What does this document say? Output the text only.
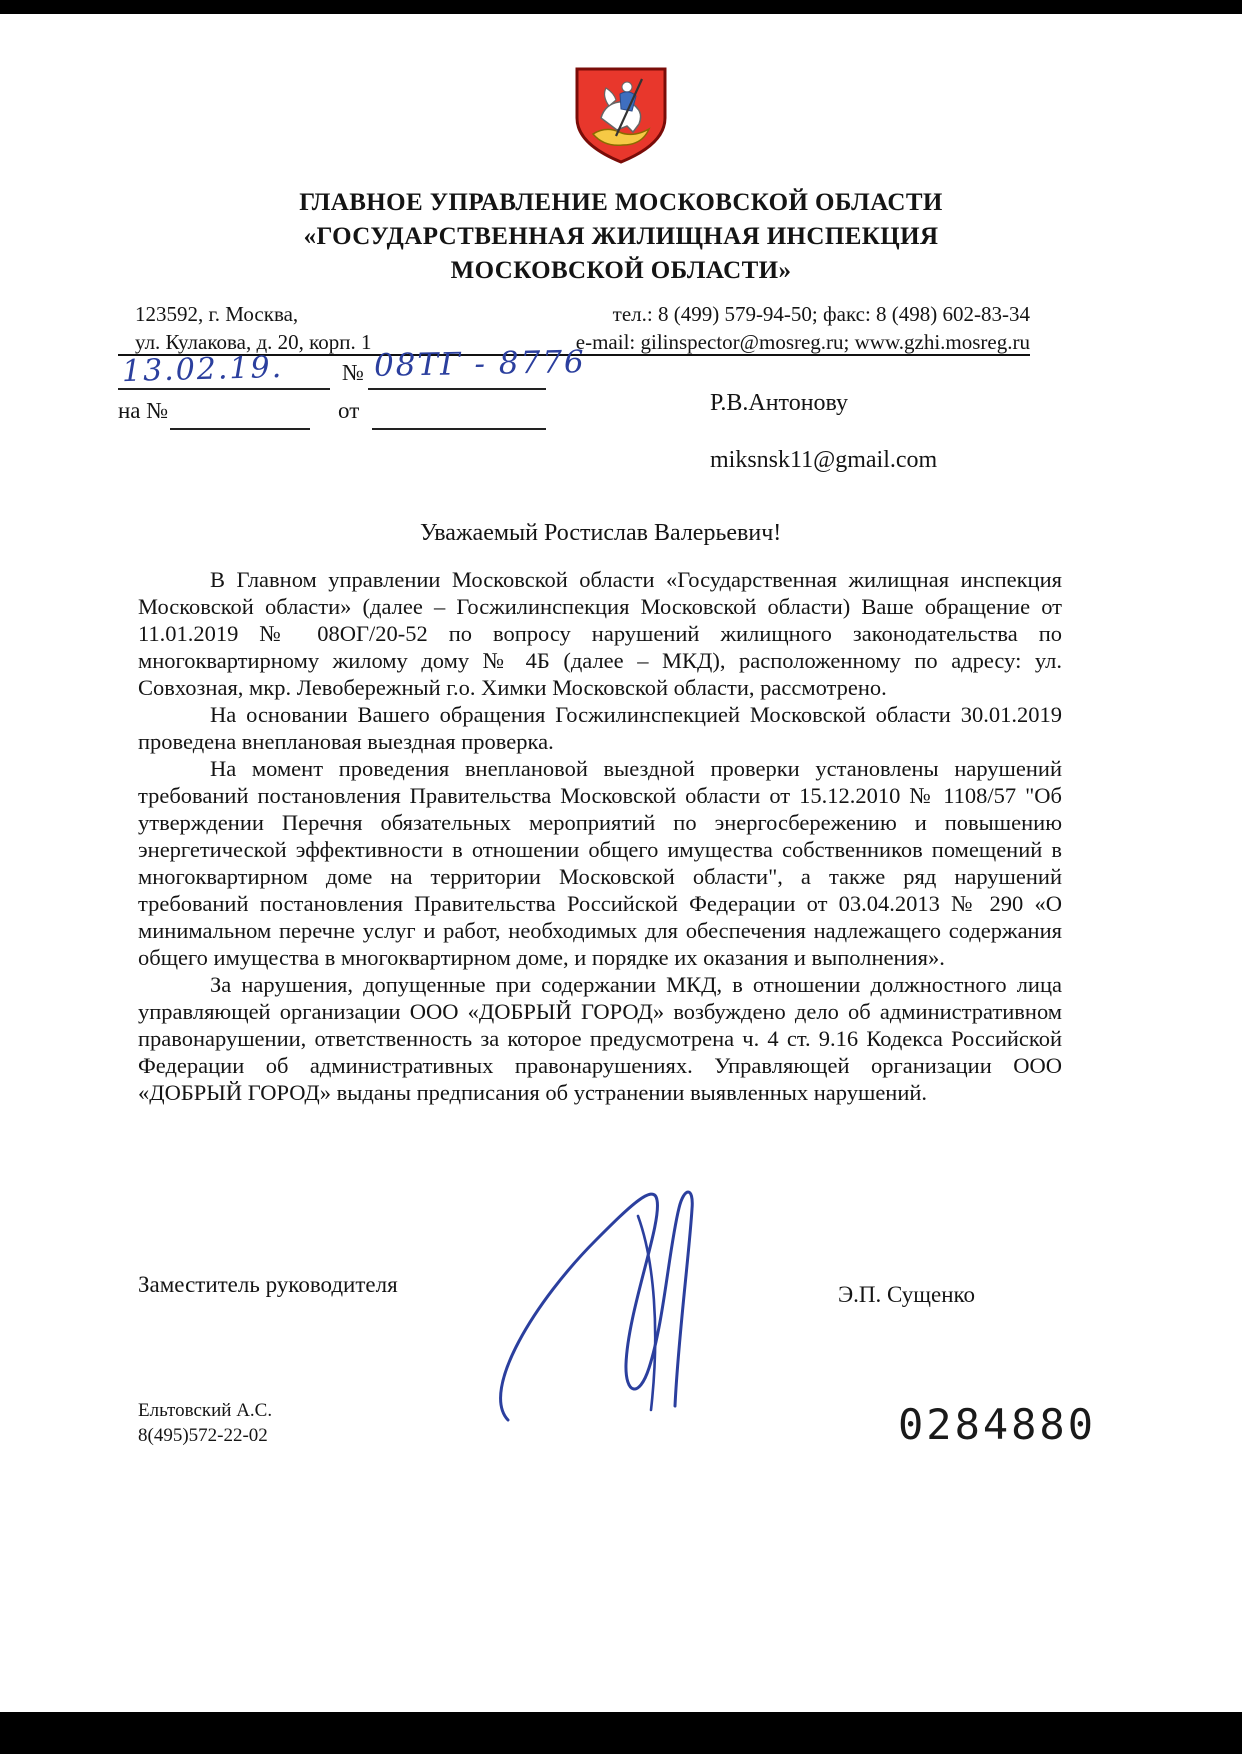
ГЛАВНОЕ УПРАВЛЕНИЕ МОСКОВСКОЙ ОБЛАСТИ
«ГОСУДАРСТВЕННАЯ ЖИЛИЩНАЯ ИНСПЕКЦИЯ
МОСКОВСКОЙ ОБЛАСТИ»
123592, г. Москва,
ул. Кулакова, д. 20, корп. 1
тел.: 8 (499) 579-94-50; факс: 8 (498) 602-83-34
e-mail: gilinspector@mosreg.ru; www.gzhi.mosreg.ru
13.02.19.	№ 08ТГ - 8776
на №	от	Р.В.Антонову
miksnsk11@gmail.com
Уважаемый Ростислав Валерьевич!

В Главном управлении Московской области «Государственная жилищная инспекция Московской области» (далее – Госжилинспекция Московской области) Ваше обращение от 11.01.2019 № 08ОГ/20-52 по вопросу нарушений жилищного законодательства по многоквартирному жилому дому № 4Б (далее – МКД), расположенному по адресу: ул. Совхозная, мкр. Левобережный г.о. Химки Московской области, рассмотрено.

На основании Вашего обращения Госжилинспекцией Московской области 30.01.2019 проведена внеплановая выездная проверка.

На момент проведения внеплановой выездной проверки установлены нарушений требований постановления Правительства Московской области от 15.12.2010 № 1108/57 "Об утверждении Перечня обязательных мероприятий по энергосбережению и повышению энергетической эффективности в отношении общего имущества собственников помещений в многоквартирном доме на территории Московской области", а также ряд нарушений требований постановления Правительства Российской Федерации от 03.04.2013 № 290 «О минимальном перечне услуг и работ, необходимых для обеспечения надлежащего содержания общего имущества в многоквартирном доме, и порядке их оказания и выполнения».

За нарушения, допущенные при содержании МКД, в отношении должностного лица управляющей организации ООО «ДОБРЫЙ ГОРОД» возбуждено дело об административном правонарушении, ответственность за которое предусмотрена ч. 4 ст. 9.16 Кодекса Российской Федерации об административных правонарушениях. Управляющей организации ООО «ДОБРЫЙ ГОРОД» выданы предписания об устранении выявленных нарушений.

Заместитель руководителя	Э.П. Сущенко
Ельтовский А.С.
8(495)572-22-02	0284880
